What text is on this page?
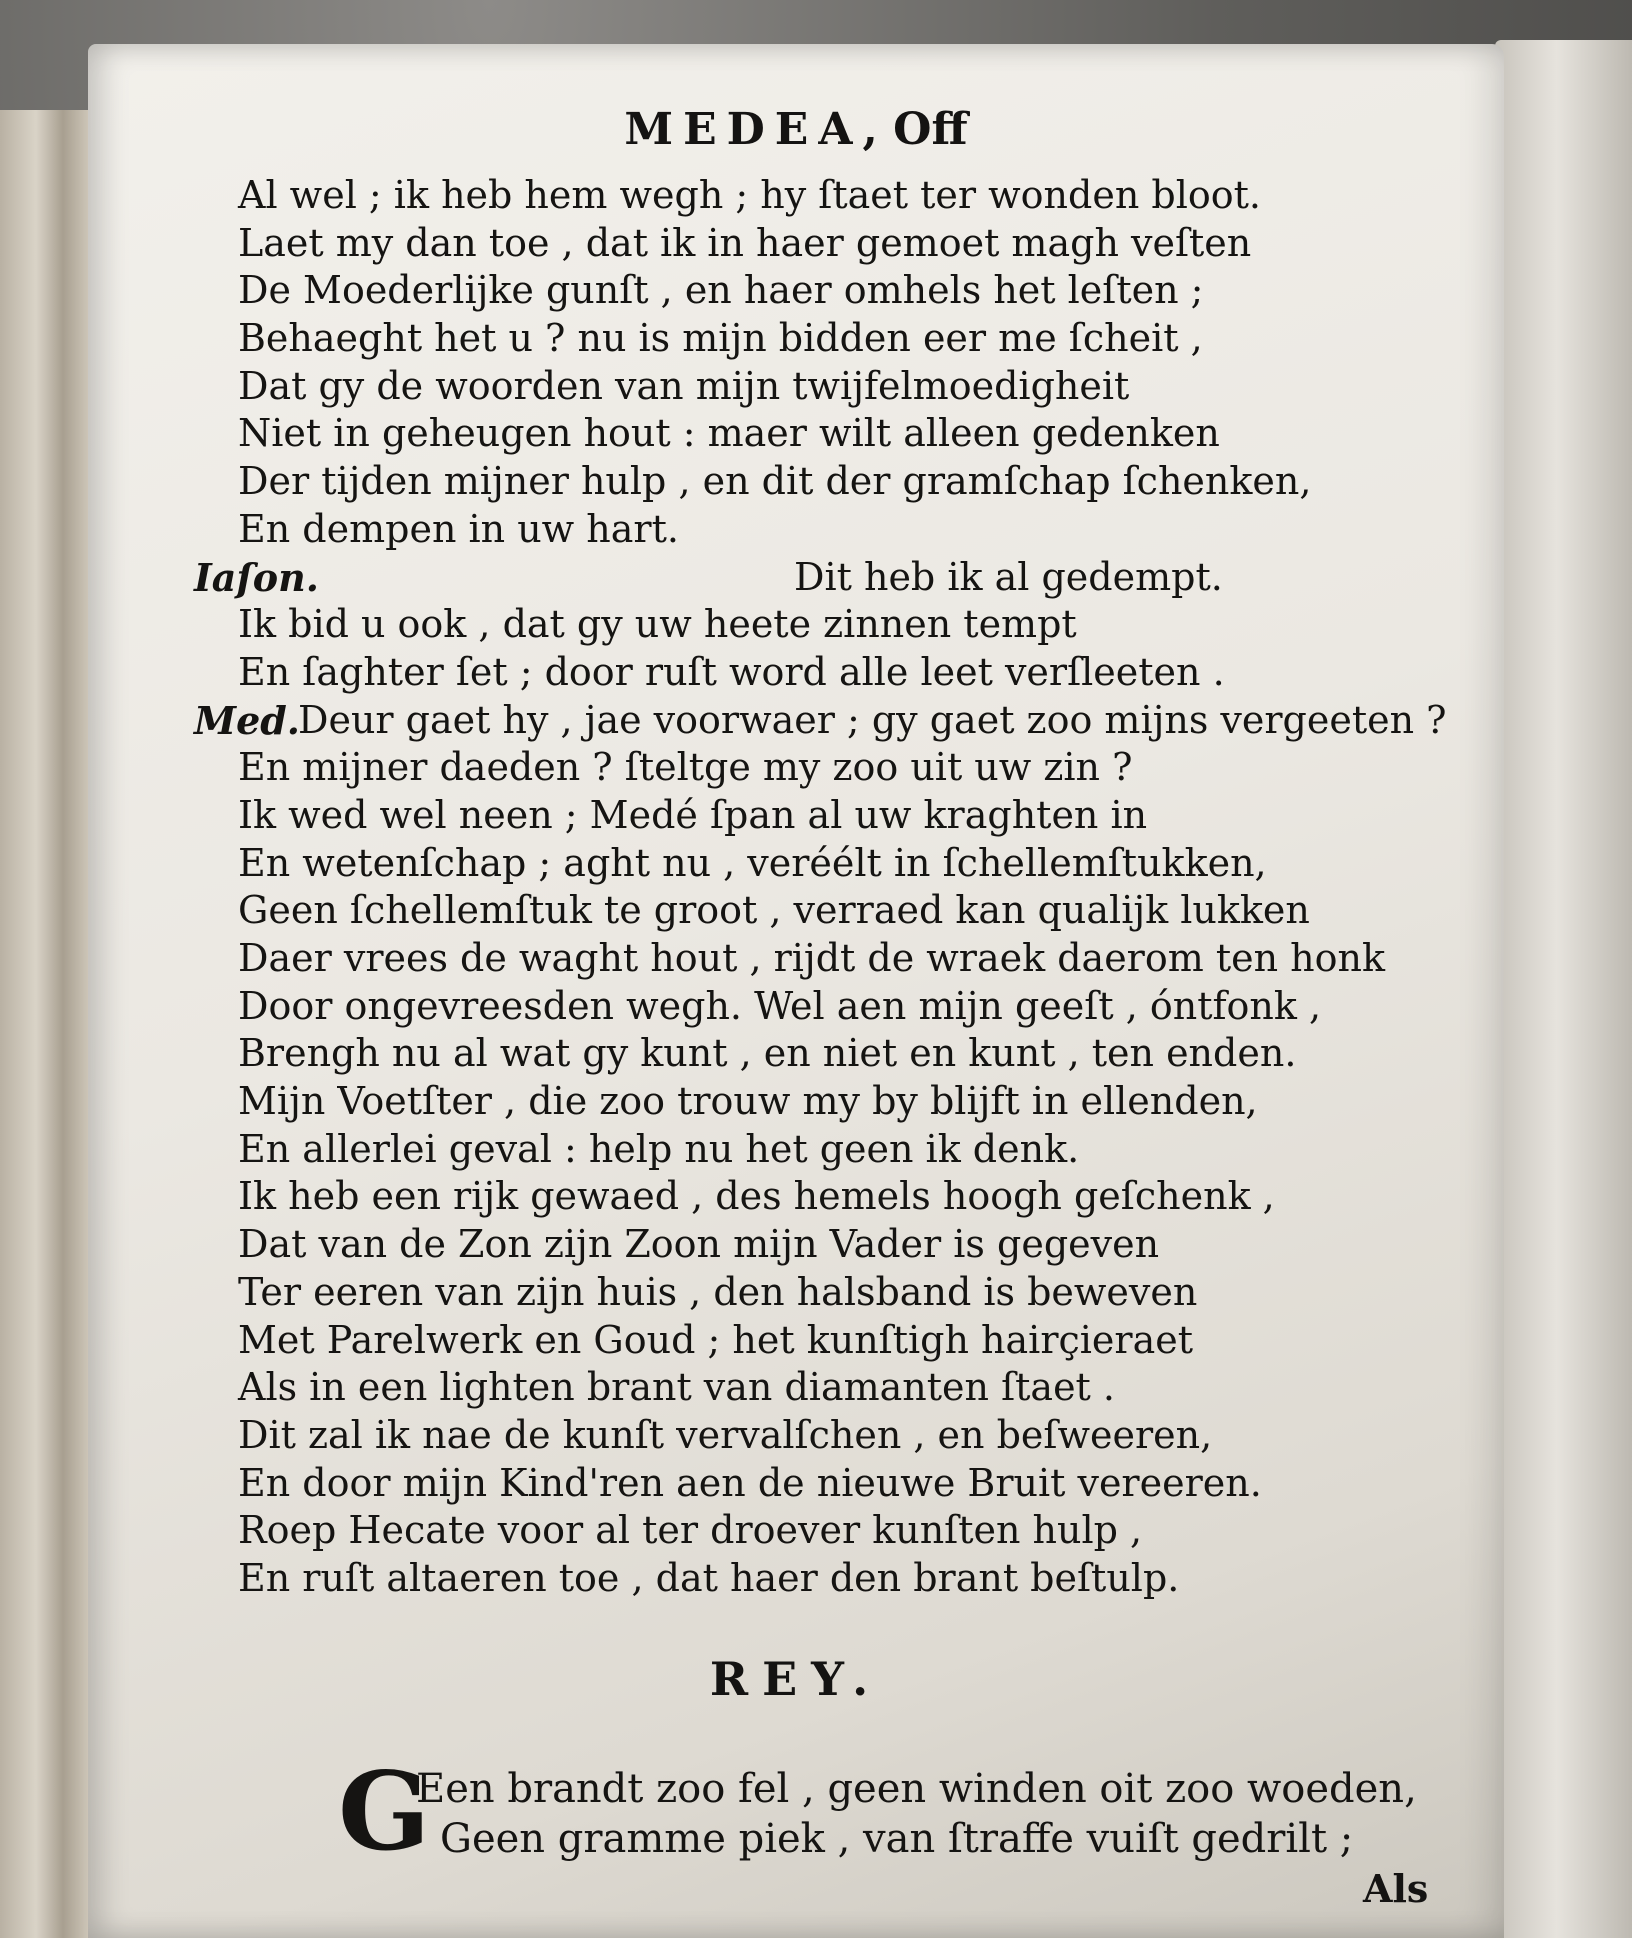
MEDEA, Off
Al wel ; ik heb hem wegh ; hy ſtaet ter wonden bloot.
Laet my dan toe , dat ik in haer gemoet magh veſten
De Moederlijke gunſt , en haer omhels het leſten ;
Behaeght het u ? nu is mijn bidden eer me ſcheit ,
Dat gy de woorden van mijn twijfelmoedigheit
Niet in geheugen hout : maer wilt alleen gedenken
Der tijden mijner hulp , en dit der gramſchap ſchenken,
En dempen in uw hart.
Iaſon.	Dit heb ik al gedempt.
Ik bid u ook , dat gy uw heete zinnen tempt
En ſaghter ſet ; door ruſt word alle leet verſleeten .
Med.
Deur gaet hy , jae voorwaer ; gy gaet zoo mijns vergeeten ?
En mijner daeden ? ſteltge my zoo uit uw zin ?
Ik wed wel neen ; Medé ſpan al uw kraghten in
En wetenſchap ; aght nu , veréélt in ſchellemſtukken,
Geen ſchellemſtuk te groot , verraed kan qualijk lukken
Daer vrees de waght hout , rijdt de wraek daerom ten honk
Door ongevreesden wegh. Wel aen mijn geeſt , óntfonk ,
Brengh nu al wat gy kunt , en niet en kunt , ten enden.
Mijn Voetſter , die zoo trouw my by blijft in ellenden,
En allerlei geval : help nu het geen ik denk.
Ik heb een rijk gewaed , des hemels hoogh geſchenk ,
Dat van de Zon zijn Zoon mijn Vader is gegeven
Ter eeren van zijn huis , den halsband is beweven
Met Parelwerk en Goud ; het kunſtigh hairçieraet
Als in een lighten brant van diamanten ſtaet .
Dit zal ik nae de kunſt vervalſchen , en beſweeren,
En door mijn Kind'ren aen de nieuwe Bruit vereeren.
Roep Hecate voor al ter droever kunſten hulp ,
En ruſt altaeren toe , dat haer den brant beſtulp.
REY.
G
Een brandt zoo fel , geen winden oit zoo woeden,
Geen gramme piek , van ſtraffe vuiſt gedrilt ;
Als
